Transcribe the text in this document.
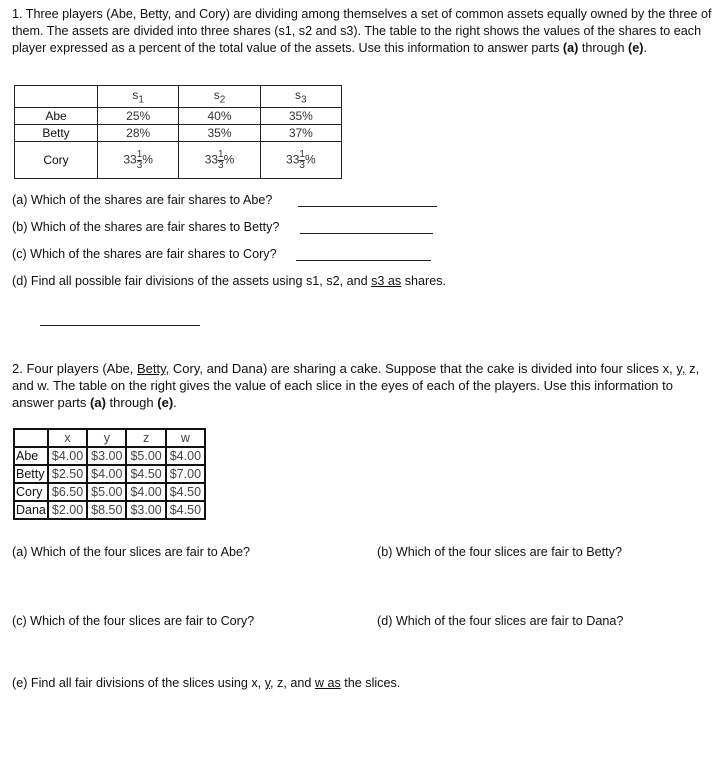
1. Three players (Abe, Betty, and Cory) are dividing among themselves a set of common assets equally owned by the three of them. The assets are divided into three shares (s1, s2 and s3). The table to the right shows the values of the shares to each player expressed as a percent of the total value of the assets. Use this information to answer parts (a) through (e).
	$s_1$	$s_2$	$s_3$
Abe	25%	40%	35%
Betty	28%	35%	37%
Cory	$33 \frac{1}{3}$ %	$33 \frac{1}{3}$ %	$33 \frac{1}{3}$ %
(a) Which of the shares are fair shares to Abe?
(b) Which of the shares are fair shares to Betty?
(c) Which of the shares are fair shares to Cory?
(d) Find all possible fair divisions of the assets using s1, s2, and s3 as shares.
2. Four players (Abe, Betty, Cory, and Dana) are sharing a cake. Suppose that the cake is divided into four slices x, y, z, and w. The table on the right gives the value of each slice in the eyes of each of the players. Use this information to answer parts (a) through (e).
	x	y	z	w
Abe	$4.00	$3.00	$5.00	$4.00
Betty	$2.50	$4.00	$4.50	$7.00
Cory	$6.50	$5.00	$4.00	$4.50
Dana	$2.00	$8.50	$3.00	$4.50
(a) Which of the four slices are fair to Abe?	(b) Which of the four slices are fair to Betty?
(c) Which of the four slices are fair to Cory?	(d) Which of the four slices are fair to Dana?
(e) Find all fair divisions of the slices using x, y, z, and w as the slices.
